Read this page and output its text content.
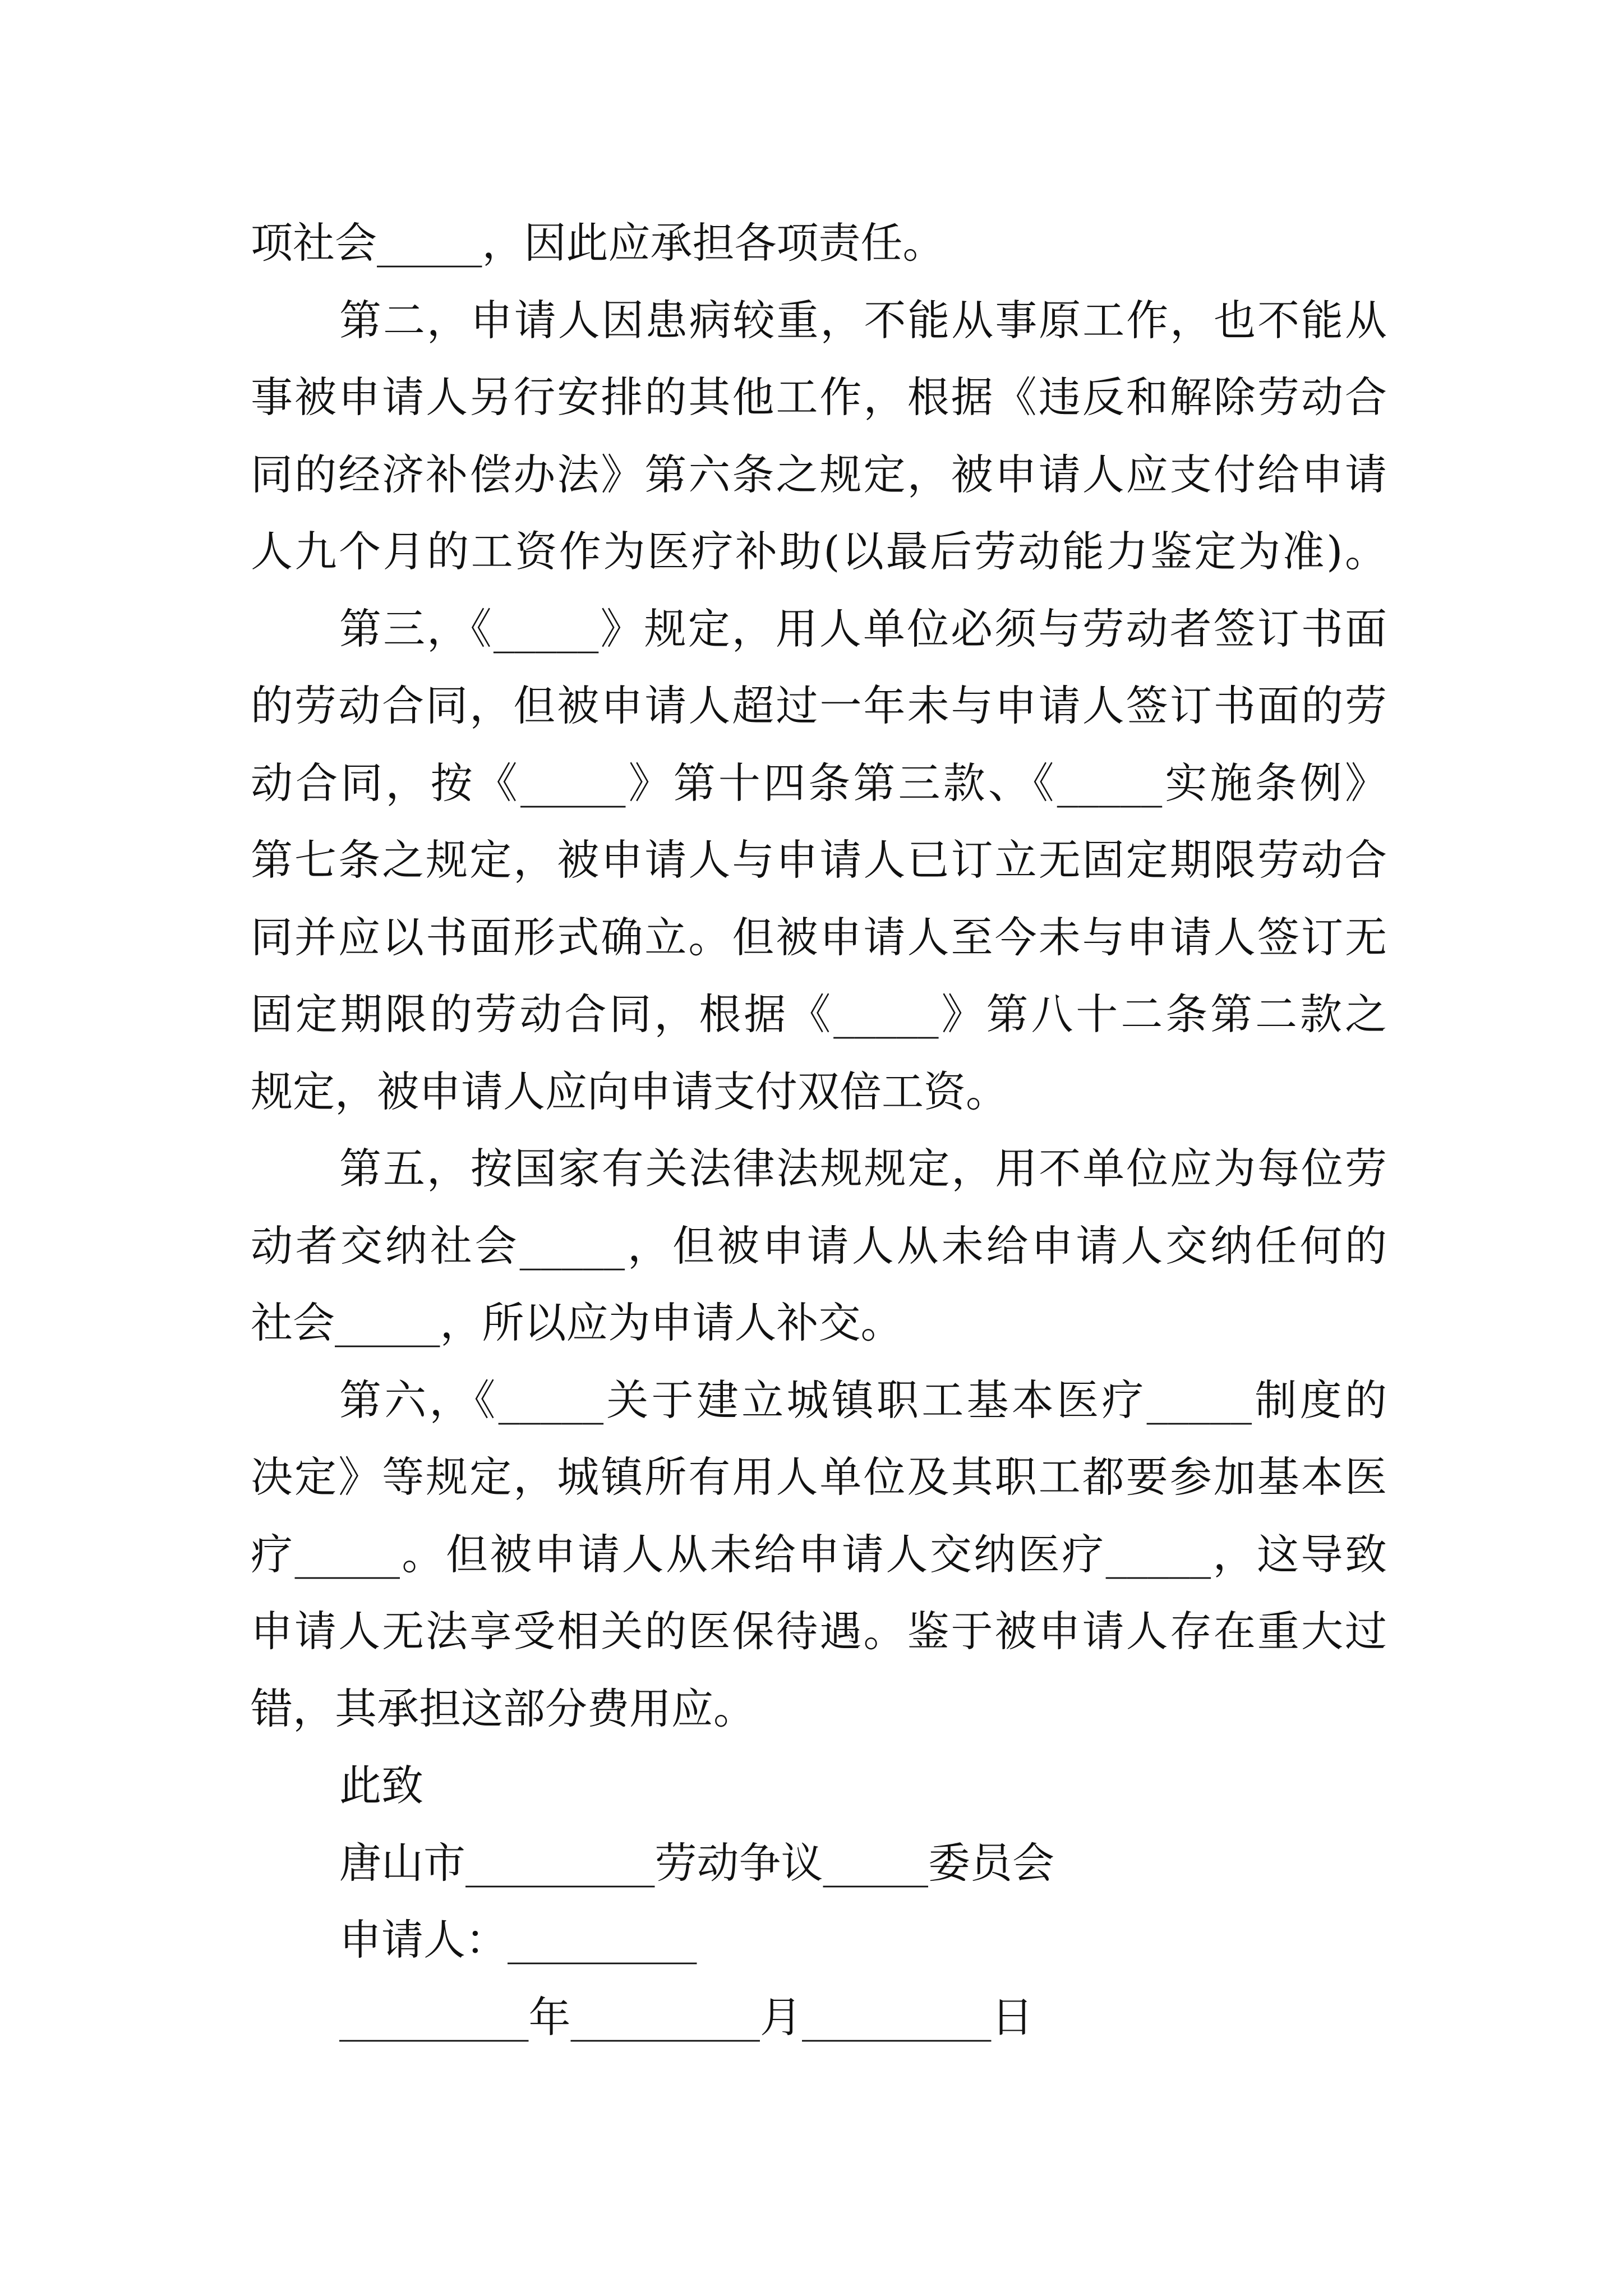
项社会_____，因此应承担各项责任。
第二，申请人因患病较重，不能从事原工作，也不能从
事被申请人另行安排的其他工作，根据《违反和解除劳动合
同的经济补偿办法》第六条之规定，被申请人应支付给申请
人九个月的工资作为医疗补助(以最后劳动能力鉴定为准)。
第三，《_____》规定，用人单位必须与劳动者签订书面
的劳动合同，但被申请人超过一年未与申请人签订书面的劳
动合同，按《_____》第十四条第三款、《_____实施条例》
第七条之规定，被申请人与申请人已订立无固定期限劳动合
同并应以书面形式确立。但被申请人至今未与申请人签订无
固定期限的劳动合同，根据《_____》第八十二条第二款之
规定，被申请人应向申请支付双倍工资。
第五，按国家有关法律法规规定，用不单位应为每位劳
动者交纳社会_____，但被申请人从未给申请人交纳任何的
社会_____，所以应为申请人补交。
第六，《_____关于建立城镇职工基本医疗_____制度的
决定》等规定，城镇所有用人单位及其职工都要参加基本医
疗_____。但被申请人从未给申请人交纳医疗_____，这导致
申请人无法享受相关的医保待遇。鉴于被申请人存在重大过
错，其承担这部分费用应。
此致
唐山市_________劳动争议_____委员会
申请人：_________
_________年_________月_________日
